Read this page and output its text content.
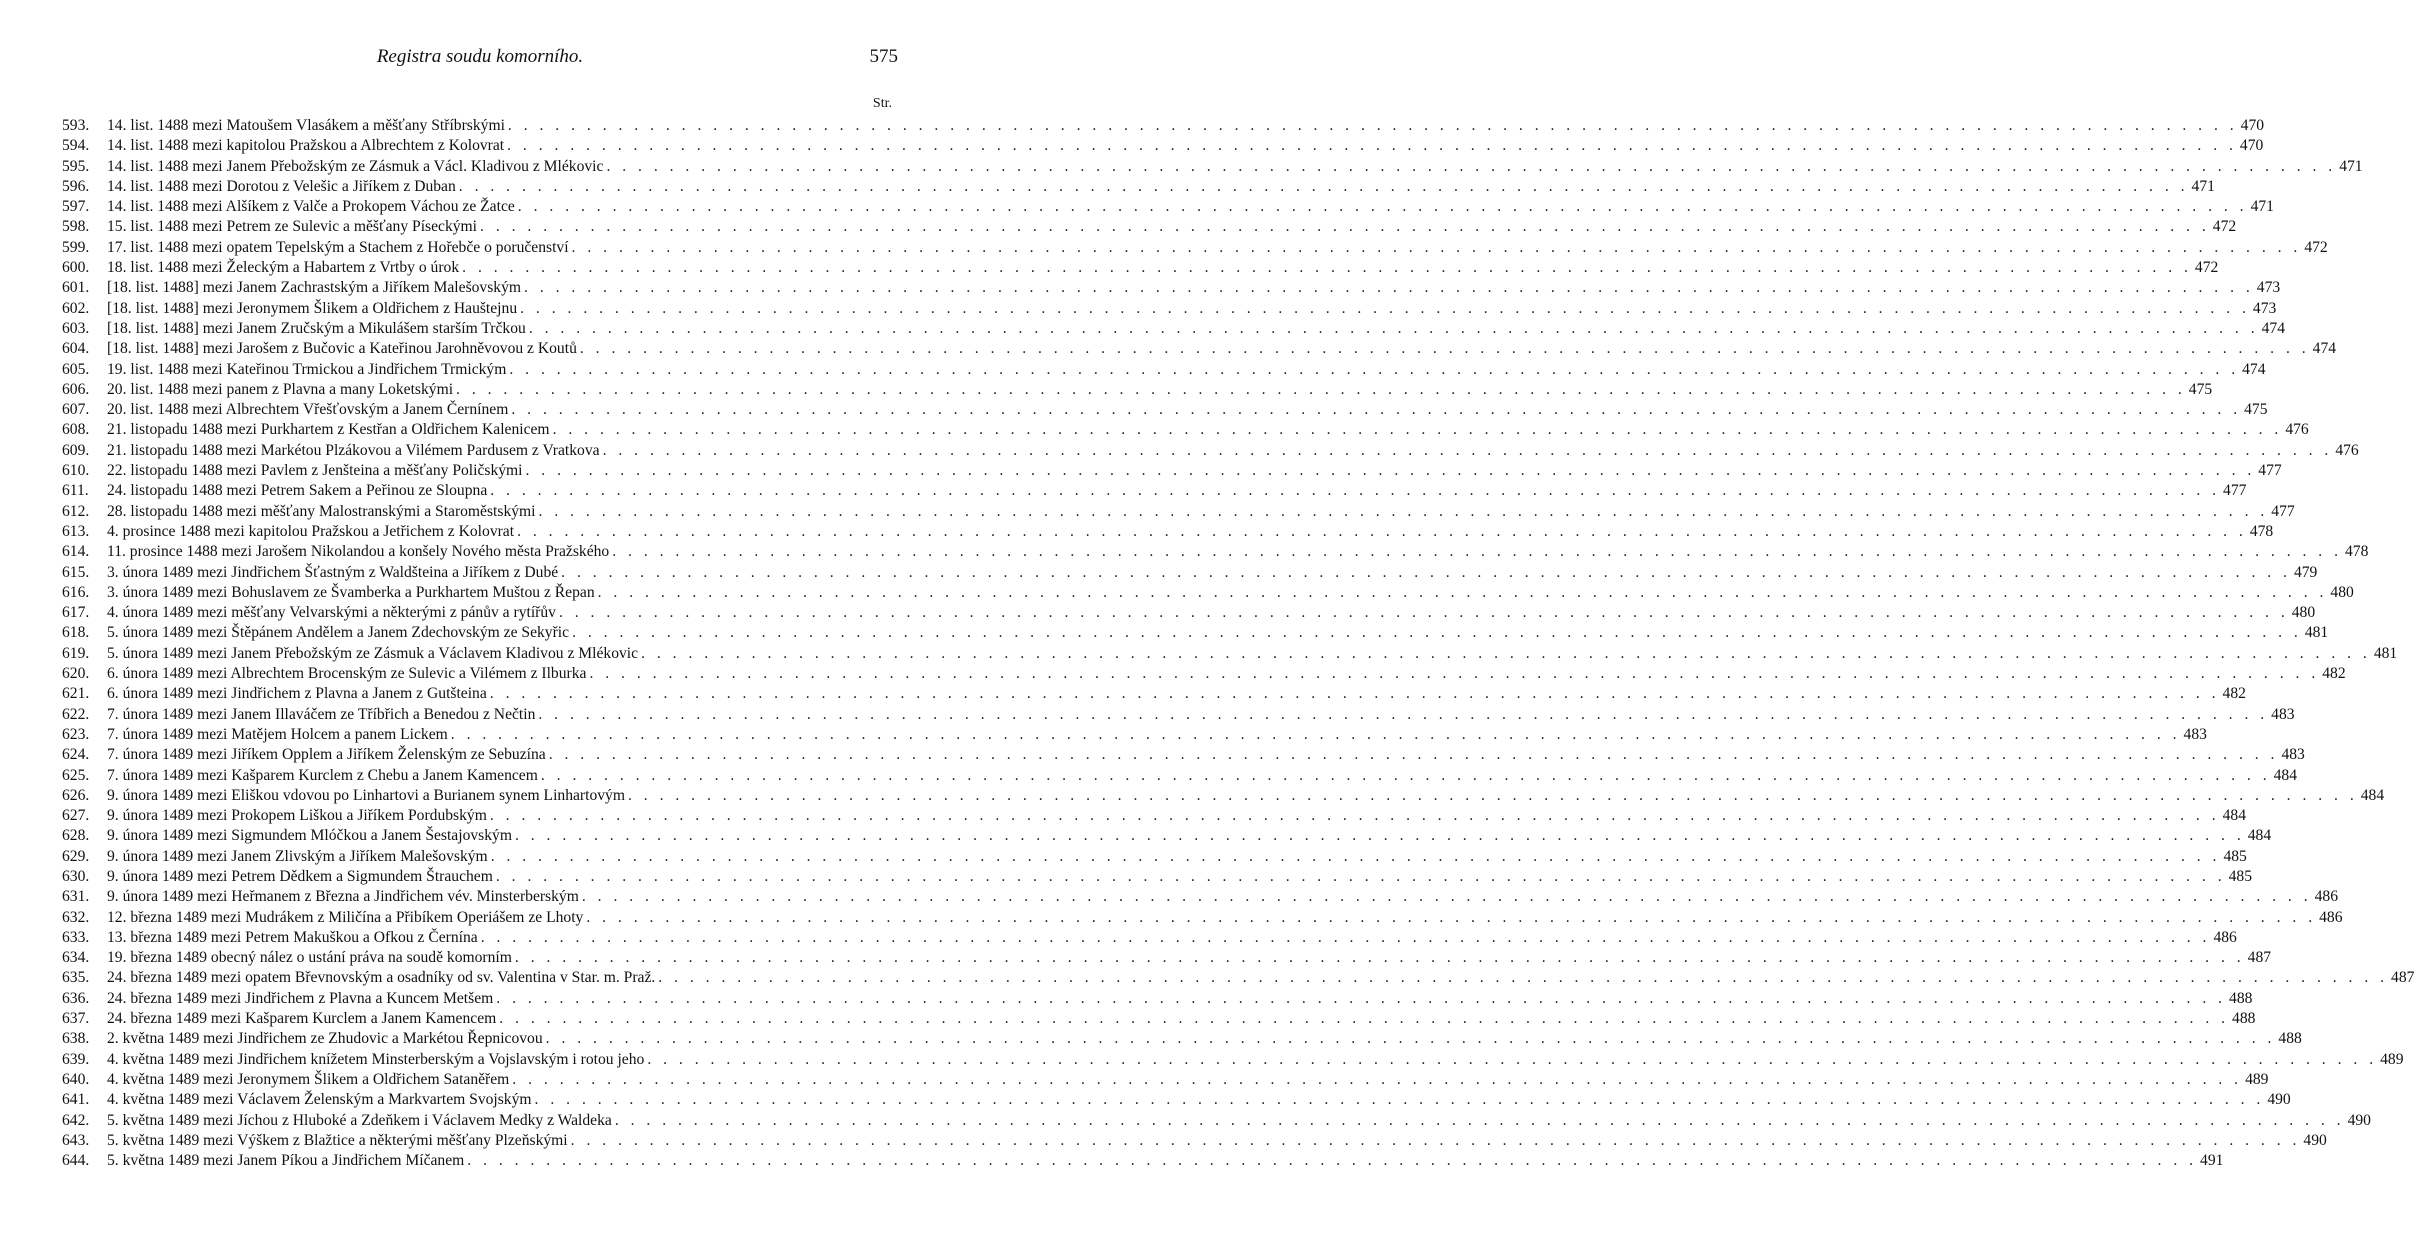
Registra soudu komorního.	575
Str.
593.	14. list. 1488 mezi Matoušem Vlasákem a měšťany Stříbrskými . . .	470
594.	14. list. 1488 mezi kapitolou Pražskou a Albrechtem z Kolovrat . . .	470
595.	14. list. 1488 mezi Janem Přebožským ze Zásmuk a Václ. Kladivou z Mlékovic . . .	471
596.	14. list. 1488 mezi Dorotou z Velešic a Jiříkem z Duban . . .	471
597.	14. list. 1488 mezi Alšíkem z Valče a Prokopem Váchou ze Žatce . . .	471
598.	15. list. 1488 mezi Petrem ze Sulevic a měšťany Píseckými . . .	472
599.	17. list. 1488 mezi opatem Tepelským a Stachem z Hořebče o poručenství . . .	472
600.	18. list. 1488 mezi Želeckým a Habartem z Vrtby o úrok . . .	472
601.	[18. list. 1488] mezi Janem Zachrastským a Jiříkem Malešovským . . .	473
602.	[18. list. 1488] mezi Jeronymem Šlikem a Oldřichem z Hauštejnu . . .	473
603.	[18. list. 1488] mezi Janem Zručským a Mikulášem starším Trčkou . . .	474
604.	[18. list. 1488] mezi Jarošem z Bučovic a Kateřinou Jarohněvovou z Koutů . . .	474
605.	19. list. 1488 mezi Kateřinou Trmickou a Jindřichem Trmickým . . .	474
606.	20. list. 1488 mezi panem z Plavna a many Loketskými . . .	475
607.	20. list. 1488 mezi Albrechtem Vřešťovským a Janem Černínem . . .	475
608.	21. listopadu 1488 mezi Purkhartem z Kestřan a Oldřichem Kalenicem . . .	476
609.	21. listopadu 1488 mezi Markétou Plzákovou a Vilémem Pardusem z Vratkova . . .	476
610.	22. listopadu 1488 mezi Pavlem z Jenšteina a měšťany Poličskými . . .	477
611.	24. listopadu 1488 mezi Petrem Sakem a Peřinou ze Sloupna . . .	477
612.	28. listopadu 1488 mezi měšťany Malostranskými a Staroměstskými . . .	477
613.	4. prosince 1488 mezi kapitolou Pražskou a Jetřichem z Kolovrat . . .	478
614.	11. prosince 1488 mezi Jarošem Nikolandou a konšely Nového města Pražského . . .	478
615.	3. února 1489 mezi Jindřichem Šťastným z Waldšteina a Jiříkem z Dubé . . .	479
616.	3. února 1489 mezi Bohuslavem ze Švamberka a Purkhartem Muštou z Řepan . . .	480
617.	4. února 1489 mezi měšťany Velvarskými a některými z pánův a rytířův . . .	480
618.	5. února 1489 mezi Štěpánem Andělem a Janem Zdechovským ze Sekyřic . . .	481
619.	5. února 1489 mezi Janem Přebožským ze Zásmuk a Václavem Kladivou z Mlékovic . . .	481
620.	6. února 1489 mezi Albrechtem Brocenským ze Sulevic a Vilémem z Ilburka . . .	482
621.	6. února 1489 mezi Jindřichem z Plavna a Janem z Gutšteina . . .	482
622.	7. února 1489 mezi Janem Illaváčem ze Tříbřich a Benedou z Nečtin . . .	483
623.	7. února 1489 mezi Matějem Holcem a panem Lickem . . .	483
624.	7. února 1489 mezi Jiříkem Opplem a Jiříkem Želenským ze Sebuzína . . .	483
625.	7. února 1489 mezi Kašparem Kurclem z Chebu a Janem Kamencem . . .	484
626.	9. února 1489 mezi Eliškou vdovou po Linhartovi a Burianem synem Linhartovým . . .	484
627.	9. února 1489 mezi Prokopem Liškou a Jiříkem Pordubským . . .	484
628.	9. února 1489 mezi Sigmundem Mlóčkou a Janem Šestajovským . . .	484
629.	9. února 1489 mezi Janem Zlivským a Jiříkem Malešovským . . .	485
630.	9. února 1489 mezi Petrem Dědkem a Sigmundem Štrauchem . . .	485
631.	9. února 1489 mezi Heřmanem z Března a Jindřichem vév. Minsterberským . . .	486
632.	12. března 1489 mezi Mudrákem z Miličína a Přibíkem Operiášem ze Lhoty . . .	486
633.	13. března 1489 mezi Petrem Makuškou a Ofkou z Černína . . .	486
634.	19. března 1489 obecný nález o ustání práva na soudě komorním . . .	487
635.	24. března 1489 mezi opatem Břevnovským a osadníky od sv. Valentina v Star. m. Praž. . . .	487
636.	24. března 1489 mezi Jindřichem z Plavna a Kuncem Metšem . . .	488
637.	24. března 1489 mezi Kašparem Kurclem a Janem Kamencem . . .	488
638.	2. května 1489 mezi Jindřichem ze Zhudovic a Markétou Řepnicovou . . .	488
639.	4. května 1489 mezi Jindřichem knížetem Minsterberským a Vojslavským i rotou jeho . . .	489
640.	4. května 1489 mezi Jeronymem Šlikem a Oldřichem Sataněřem . . .	489
641.	4. května 1489 mezi Václavem Želenským a Markvartem Svojským . . .	490
642.	5. května 1489 mezi Jíchou z Hluboké a Zdeňkem i Václavem Medky z Waldeka . . .	490
643.	5. května 1489 mezi Výškem z Blažtice a některými měšťany Plzeňskými . . .	490
644.	5. května 1489 mezi Janem Píkou a Jindřichem Míčanem . . .	491
